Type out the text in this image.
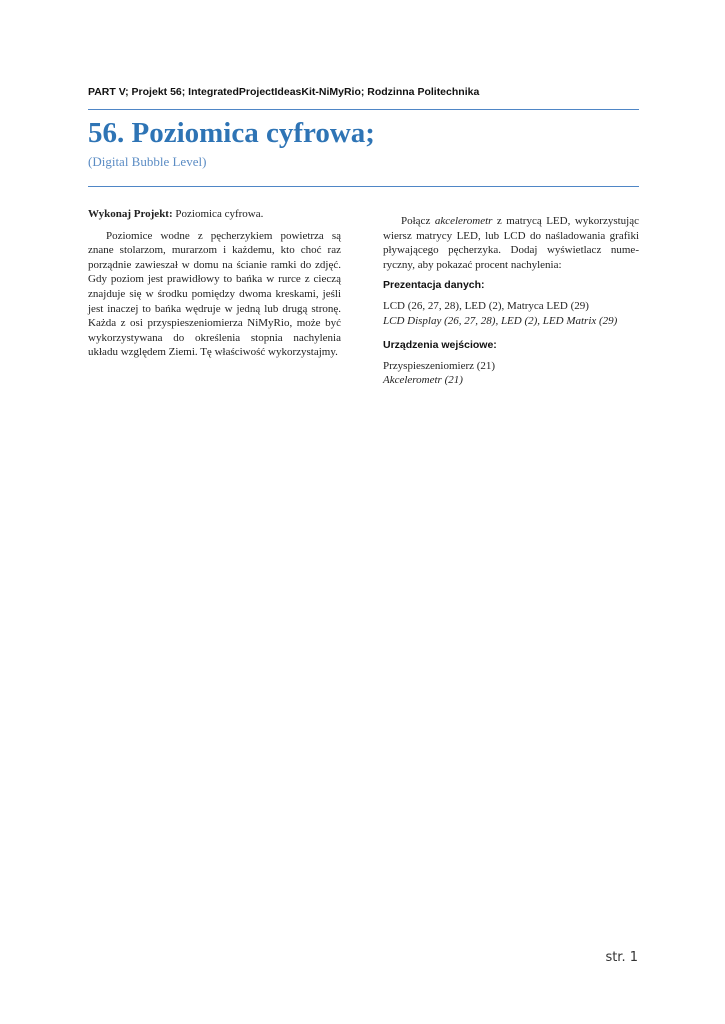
PART V; Projekt 56; IntegratedProjectIdeasKit-NiMyRio; Rodzinna Politechnika
56. Poziomica cyfrowa;
(Digital Bubble Level)

Wykonaj Projekt: Poziomica cyfrowa.

Poziomice wodne z pęcherzykiem powietrza są znane stolarzom, murarzom i każdemu, kto choć raz porządnie zawieszał w domu na ścianie ramki do zdjęć. Gdy poziom jest prawidłowy to bańka w rurce z cieczą znajduje się w środku pomiędzy dwoma kreskami, jeśli jest inaczej to bańka wędruje w jedną lub drugą stronę. Każda z osi przyspieszeniomierza NiMyRio, może być wykorzystywana do określenia stopnia nachylenia układu względem Ziemi. Tę właściwość wykorzystajmy.

Połącz akcelerometr z matrycą LED, wykorzystując wiersz matrycy LED, lub LCD do naśladowania grafiki pływającego pęcherzyka. Dodaj wyświetlacz numeryczny, aby pokazać procent nachylenia:

Prezentacja danych:

LCD (26, 27, 28), LED (2), Matryca LED (29)

LCD Display (26, 27, 28), LED (2), LED Matrix (29)

Urządzenia wejściowe:

Przyspieszeniomierz (21)

Akcelerometr (21)

str. 1
